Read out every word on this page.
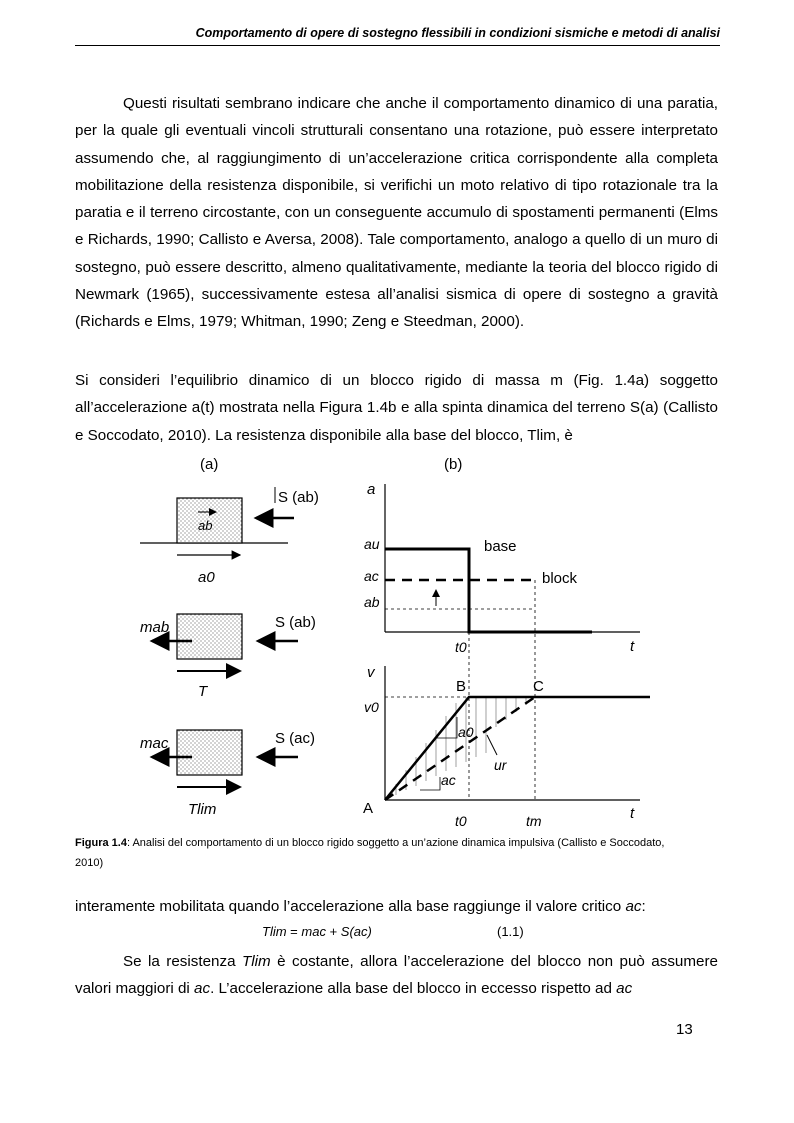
Comportamento di opere di sostegno flessibili in condizioni sismiche e metodi di analisi

Questi risultati sembrano indicare che anche il comportamento dinamico di una paratia, per la quale gli eventuali vincoli strutturali consentano una rotazione, può essere interpretato assumendo che, al raggiungimento di un’accelerazione critica corrispondente alla completa mobilitazione della resistenza disponibile, si verifichi un moto relativo di tipo rotazionale tra la paratia e il terreno circostante, con un conseguente accumulo di spostamenti permanenti (Elms e Richards, 1990; Callisto e Aversa, 2008). Tale comportamento, analogo a quello di un muro di sostegno, può essere descritto, almeno qualitativamente, mediante la teoria del blocco rigido di Newmark (1965), successivamente estesa all’analisi sismica di opere di sostegno a gravità (Richards e Elms, 1979; Whitman, 1990; Zeng e Steedman, 2000).

Si consideri l’equilibrio dinamico di un blocco rigido di massa m (Fig. 1.4a) soggetto all’accelerazione a(t) mostrata nella Figura 1.4b e alla spinta dinamica del terreno S(a) (Callisto e Soccodato, 2010). La resistenza disponibile alla base del blocco, Tlim, è

(a)	(b)
ab
S (ab)
a0
mab	S (ab)
T
mac	S (ac)
Tlim
a
t
au
ac
ab
base
block
t0
v
t
v0
a0
ac
ur
A
B	C
t0	tm
Figura 1.4: Analisi del comportamento di un blocco rigido soggetto a un’azione dinamica impulsiva (Callisto e Soccodato, 2010)

interamente mobilitata quando l’accelerazione alla base raggiunge il valore critico ac:

Tlim = mac + S(ac)	(1.1)

Se la resistenza Tlim è costante, allora l’accelerazione del blocco non può assumere valori maggiori di ac. L’accelerazione alla base del blocco in eccesso rispetto ad ac

13
